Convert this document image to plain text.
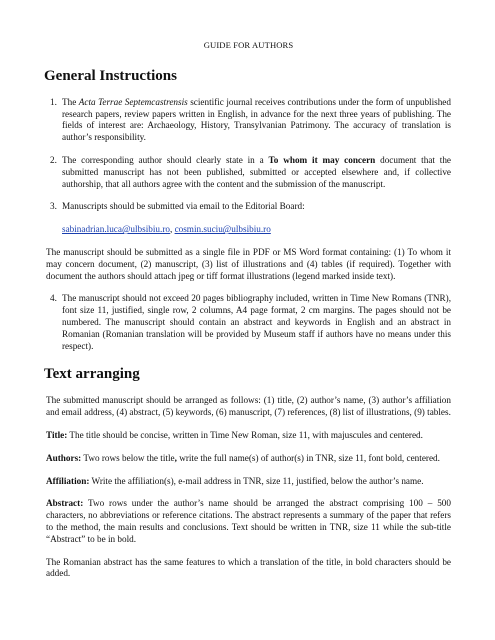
GUIDE FOR AUTHORS
General Instructions
1. The Acta Terrae Septemcastrensis scientific journal receives contributions under the form of unpublished research papers, review papers written in English, in advance for the next three years of publishing. The fields of interest are: Archaeology, History, Transylvanian Patrimony. The accuracy of translation is author’s responsibility.
2. The corresponding author should clearly state in a To whom it may concern document that the submitted manuscript has not been published, submitted or accepted elsewhere and, if collective authorship, that all authors agree with the content and the submission of the manuscript.
3. Manuscripts should be submitted via email to the Editorial Board:
sabinadrian.luca@ulbsibiu.ro, cosmin.suciu@ulbsibiu.ro
The manuscript should be submitted as a single file in PDF or MS Word format containing: (1) To whom it may concern document, (2) manuscript, (3) list of illustrations and (4) tables (if required). Together with document the authors should attach jpeg or tiff format illustrations (legend marked inside text).
4. The manuscript should not exceed 20 pages bibliography included, written in Time New Romans (TNR), font size 11, justified, single row, 2 columns, A4 page format, 2 cm margins. The pages should not be numbered. The manuscript should contain an abstract and keywords in English and an abstract in Romanian (Romanian translation will be provided by Museum staff if authors have no means under this respect).
Text arranging
The submitted manuscript should be arranged as follows: (1) title, (2) author’s name, (3) author’s affiliation and email address, (4) abstract, (5) keywords, (6) manuscript, (7) references, (8) list of illustrations, (9) tables.
Title: The title should be concise, written in Time New Roman, size 11, with majuscules and centered.
Authors: Two rows below the title, write the full name(s) of author(s) in TNR, size 11, font bold, centered.
Affiliation: Write the affiliation(s), e-mail address in TNR, size 11, justified, below the author’s name.
Abstract: Two rows under the author’s name should be arranged the abstract comprising 100 – 500 characters, no abbreviations or reference citations. The abstract represents a summary of the paper that refers to the method, the main results and conclusions. Text should be written in TNR, size 11 while the sub-title “Abstract” to be in bold.
The Romanian abstract has the same features to which a translation of the title, in bold characters should be added.
